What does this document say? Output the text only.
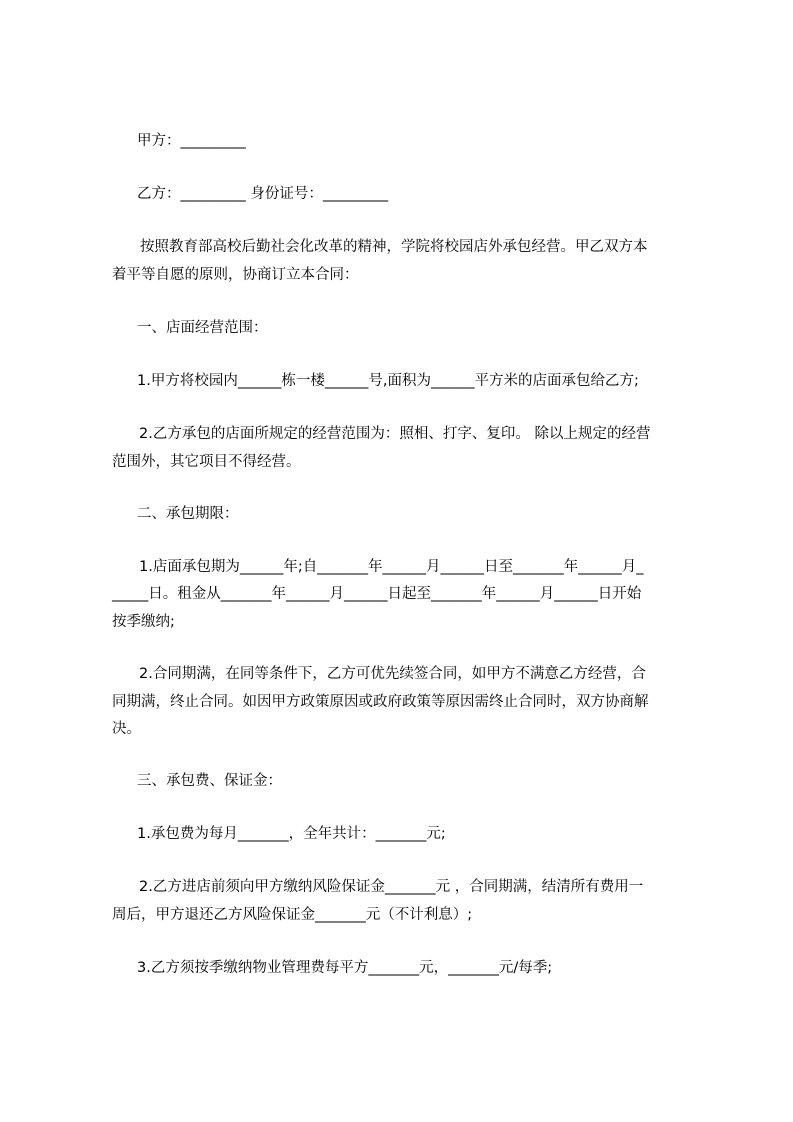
甲方：_________
乙方：_________ 身份证号：_________
按照教育部高校后勤社会化改革的精神，学院将校园店外承包经营。甲乙双方本
着平等自愿的原则，协商订立本合同：
一、店面经营范围：
1.甲方将校园内______栋一楼______号,面积为______平方米的店面承包给乙方;
2.乙方承包的店面所规定的经营范围为：照相、打字、复印。 除以上规定的经营
范围外，其它项目不得经营。
二、承包期限：
1.店面承包期为______年;自_______年______月______日至_______年______月_
_____日。租金从_______年______月______日起至_______年______月______日开始
按季缴纳;
2.合同期满，在同等条件下，乙方可优先续签合同，如甲方不满意乙方经营，合
同期满，终止合同。如因甲方政策原因或政府政策等原因需终止合同时，双方协商解
决。
三、承包费、保证金：
1.承包费为每月_______，全年共计：_______元;
2.乙方进店前须向甲方缴纳风险保证金_______元 ，合同期满，结清所有费用一
周后，甲方退还乙方风险保证金_______元（不计利息）;
3.乙方须按季缴纳物业管理费每平方_______元，_______元/每季;
